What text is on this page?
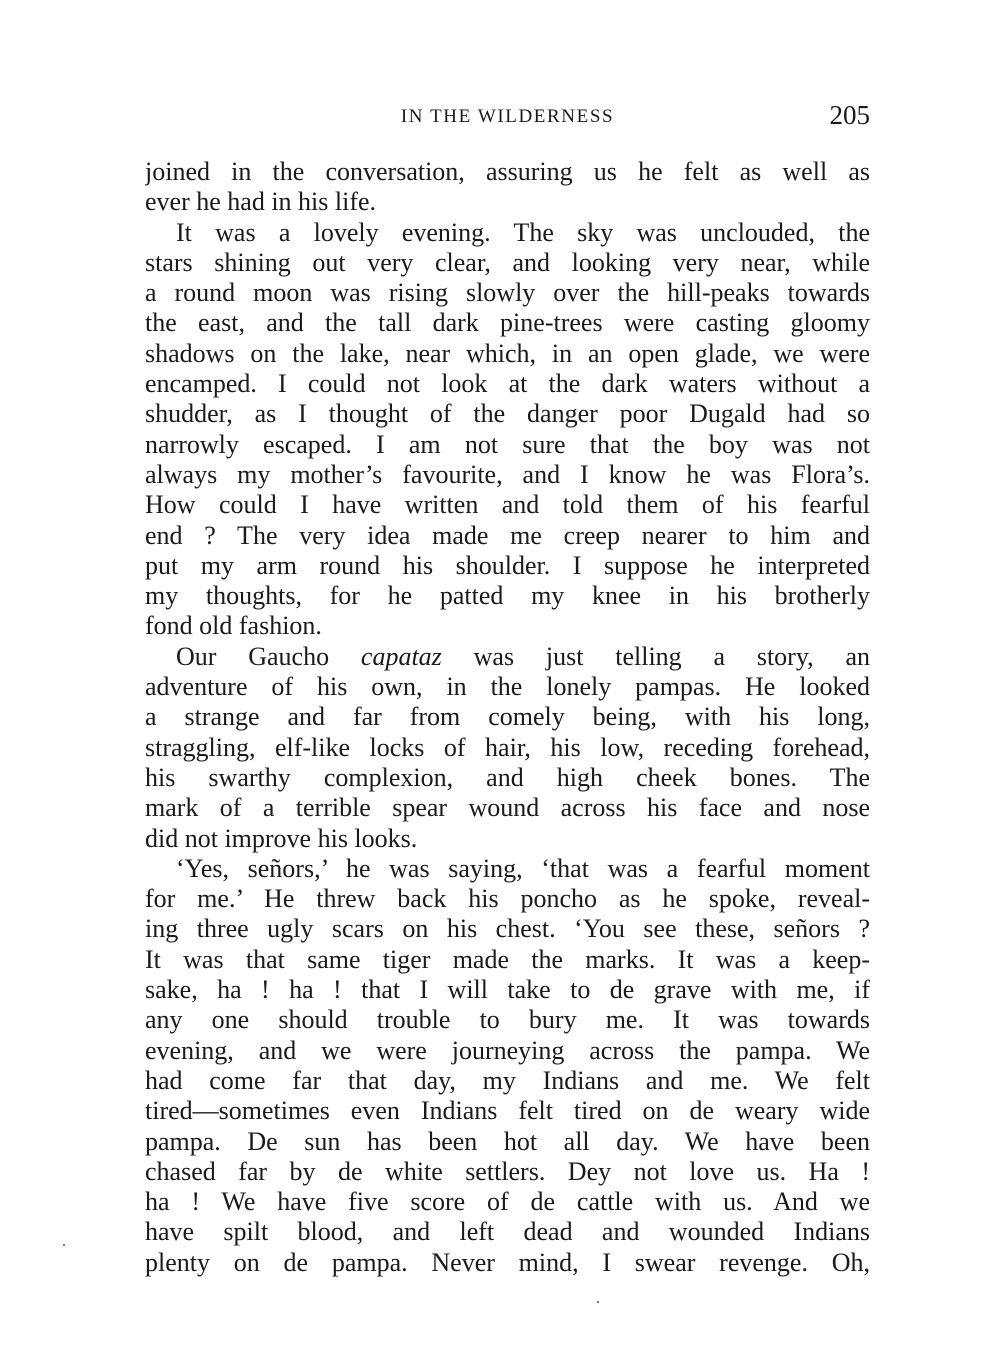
IN THE WILDERNESS	205
joined in the conversation, assuring us he felt as well as
ever he had in his life.
It was a lovely evening. The sky was unclouded, the
stars shining out very clear, and looking very near, while
a round moon was rising slowly over the hill-peaks towards
the east, and the tall dark pine-trees were casting gloomy
shadows on the lake, near which, in an open glade, we were
encamped. I could not look at the dark waters without a
shudder, as I thought of the danger poor Dugald had so
narrowly escaped. I am not sure that the boy was not
always my mother’s favourite, and I know he was Flora’s.
How could I have written and told them of his fearful
end ? The very idea made me creep nearer to him and
put my arm round his shoulder. I suppose he interpreted
my thoughts, for he patted my knee in his brotherly
fond old fashion.
Our Gaucho capataz was just telling a story, an
adventure of his own, in the lonely pampas. He looked
a strange and far from comely being, with his long,
straggling, elf-like locks of hair, his low, receding forehead,
his swarthy complexion, and high cheek bones. The
mark of a terrible spear wound across his face and nose
did not improve his looks.
‘Yes, señors,’ he was saying, ‘that was a fearful moment
for me.’ He threw back his poncho as he spoke, reveal-
ing three ugly scars on his chest. ‘You see these, señors ?
It was that same tiger made the marks. It was a keep-
sake, ha ! ha ! that I will take to de grave with me, if
any one should trouble to bury me. It was towards
evening, and we were journeying across the pampa. We
had come far that day, my Indians and me. We felt
tired—sometimes even Indians felt tired on de weary wide
pampa. De sun has been hot all day. We have been
chased far by de white settlers. Dey not love us. Ha !
ha ! We have five score of de cattle with us. And we
have spilt blood, and left dead and wounded Indians
plenty on de pampa. Never mind, I swear revenge. Oh,
